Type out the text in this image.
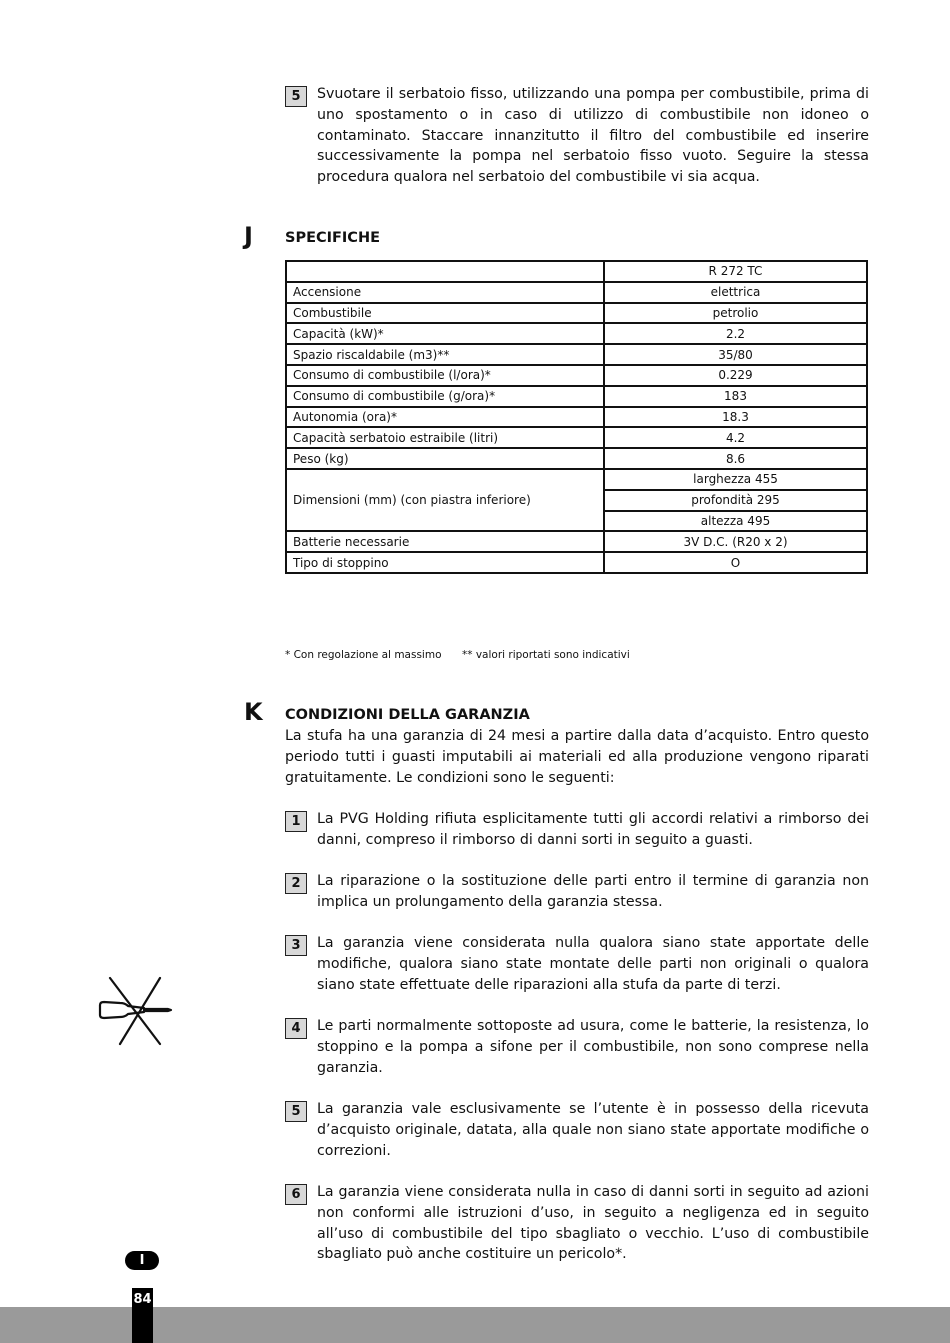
5	Svuotare il serbatoio fisso, utilizzando una pompa per combustibile, prima di uno spostamento o in caso di utilizzo di combustibile non idoneo o contaminato. Staccare innanzitutto il filtro del combustibile ed inserire successivamente la pompa nel serbatoio fisso vuoto. Seguire la stessa procedura qualora nel serbatoio del combustibile vi sia acqua.
J SPECIFICHE
	R 272 TC
Accensione	elettrica
Combustibile	petrolio
Capacità (kW)*	2.2
Spazio riscaldabile (m3)**	35/80
Consumo di combustibile (l/ora)*	0.229
Consumo di combustibile (g/ora)*	183
Autonomia (ora)*	18.3
Capacità serbatoio estraibile (litri)	4.2
Peso (kg)	8.6
Dimensioni (mm) (con piastra inferiore)	larghezza 455
	profondità 295
	altezza 495
Batterie necessarie	3V D.C. (R20 x 2)
Tipo di stoppino	O
* Con regolazione al massimo ** valori riportati sono indicativi
K CONDIZIONI DELLA GARANZIA
La stufa ha una garanzia di 24 mesi a partire dalla data d’acquisto. Entro questo periodo tutti i guasti imputabili ai materiali ed alla produzione vengono riparati gratuitamente. Le condizioni sono le seguenti:
1	La PVG Holding rifiuta esplicitamente tutti gli accordi relativi a rimborso dei danni, compreso il rimborso di danni sorti in seguito a guasti.
2	La riparazione o la sostituzione delle parti entro il termine di garanzia non implica un prolungamento della garanzia stessa.
3	La garanzia viene considerata nulla qualora siano state apportate delle modifiche, qualora siano state montate delle parti non originali o qualora siano state effettuate delle riparazioni alla stufa da parte di terzi.
4	Le parti normalmente sottoposte ad usura, come le batterie, la resistenza, lo stoppino e la pompa a sifone per il combustibile, non sono comprese nella garanzia.
5	La garanzia vale esclusivamente se l’utente è in possesso della ricevuta d’acquisto originale, datata, alla quale non siano state apportate modifiche o correzioni.
6	La garanzia viene considerata nulla in caso di danni sorti in seguito ad azioni non conformi alle istruzioni d’uso, in seguito a negligenza ed in seguito all’uso di combustibile del tipo sbagliato o vecchio. L’uso di combustibile sbagliato può anche costituire un pericolo*.
I
84
